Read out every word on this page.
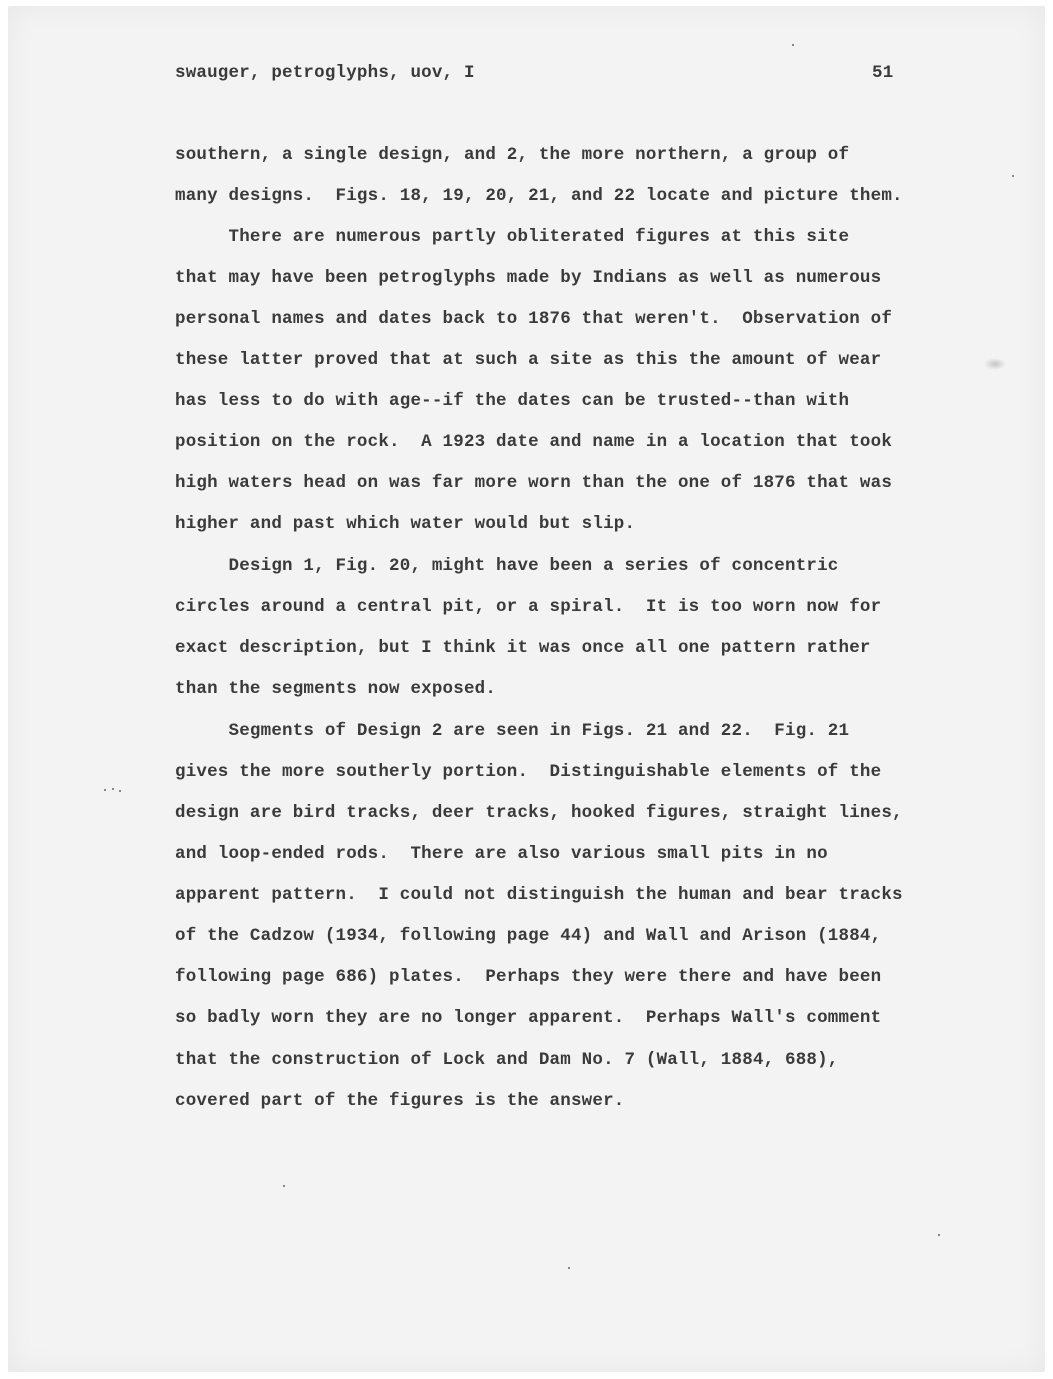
swauger, petroglyphs, uov, I	51

southern, a single design, and 2, the more northern, a group of

many designs.  Figs. 18, 19, 20, 21, and 22 locate and picture them.

There are numerous partly obliterated figures at this site

that may have been petroglyphs made by Indians as well as numerous

personal names and dates back to 1876 that weren't.  Observation of

these latter proved that at such a site as this the amount of wear

has less to do with age--if the dates can be trusted--than with

position on the rock.  A 1923 date and name in a location that took

high waters head on was far more worn than the one of 1876 that was

higher and past which water would but slip.

Design 1, Fig. 20, might have been a series of concentric

circles around a central pit, or a spiral.  It is too worn now for

exact description, but I think it was once all one pattern rather

than the segments now exposed.

Segments of Design 2 are seen in Figs. 21 and 22.  Fig. 21

gives the more southerly portion.  Distinguishable elements of the

design are bird tracks, deer tracks, hooked figures, straight lines,

and loop-ended rods.  There are also various small pits in no

apparent pattern.  I could not distinguish the human and bear tracks

of the Cadzow (1934, following page 44) and Wall and Arison (1884,

following page 686) plates.  Perhaps they were there and have been

so badly worn they are no longer apparent.  Perhaps Wall's comment

that the construction of Lock and Dam No. 7 (Wall, 1884, 688),

covered part of the figures is the answer.
